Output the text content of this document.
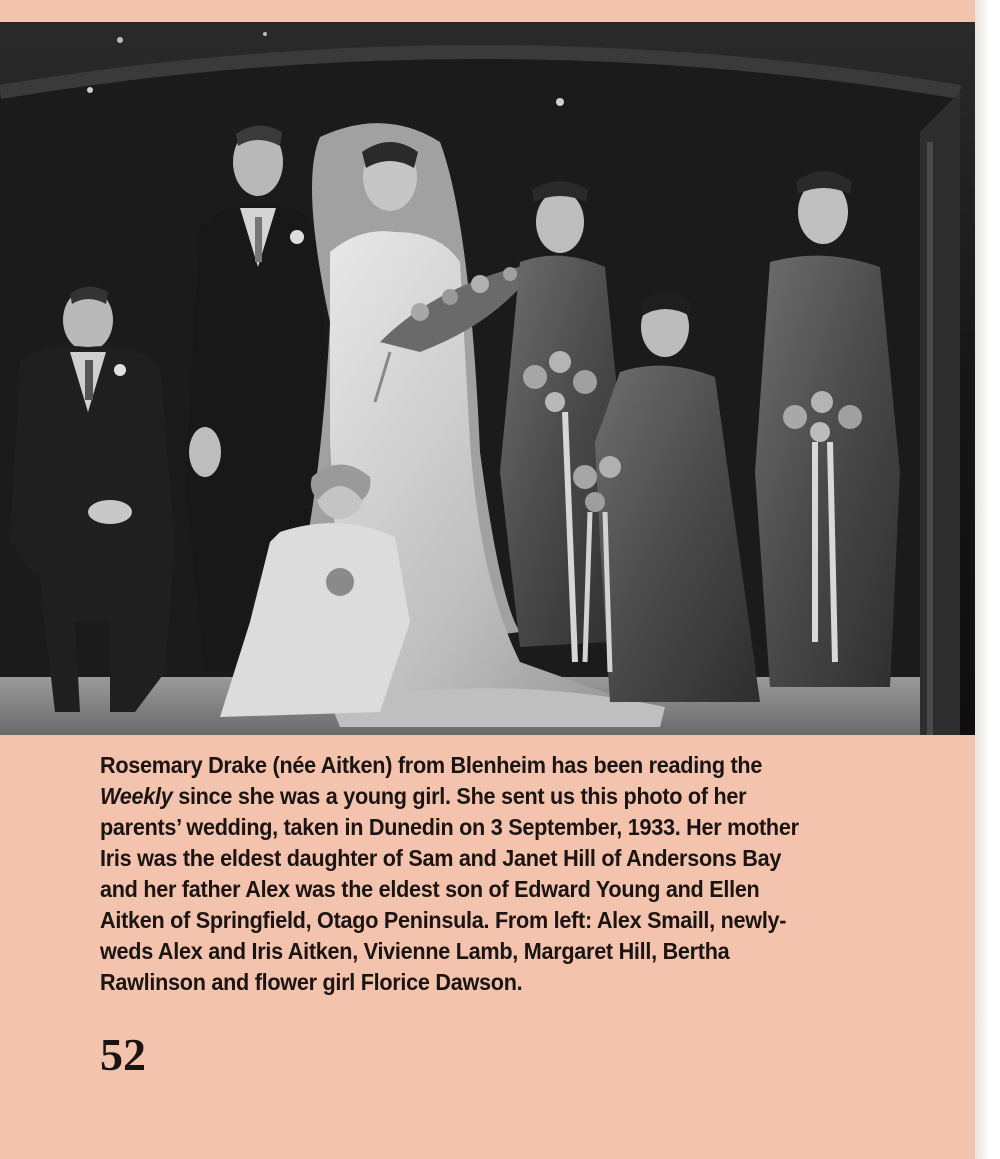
Rosemary Drake (née Aitken) from Blenheim has been reading the
Weekly since she was a young girl. She sent us this photo of her
parents’ wedding, taken in Dunedin on 3 September, 1933. Her mother
Iris was the eldest daughter of Sam and Janet Hill of Andersons Bay
and her father Alex was the eldest son of Edward Young and Ellen
Aitken of Springfield, Otago Peninsula. From left: Alex Smaill, newly-
weds Alex and Iris Aitken, Vivienne Lamb, Margaret Hill, Bertha
Rawlinson and flower girl Florice Dawson.
52
